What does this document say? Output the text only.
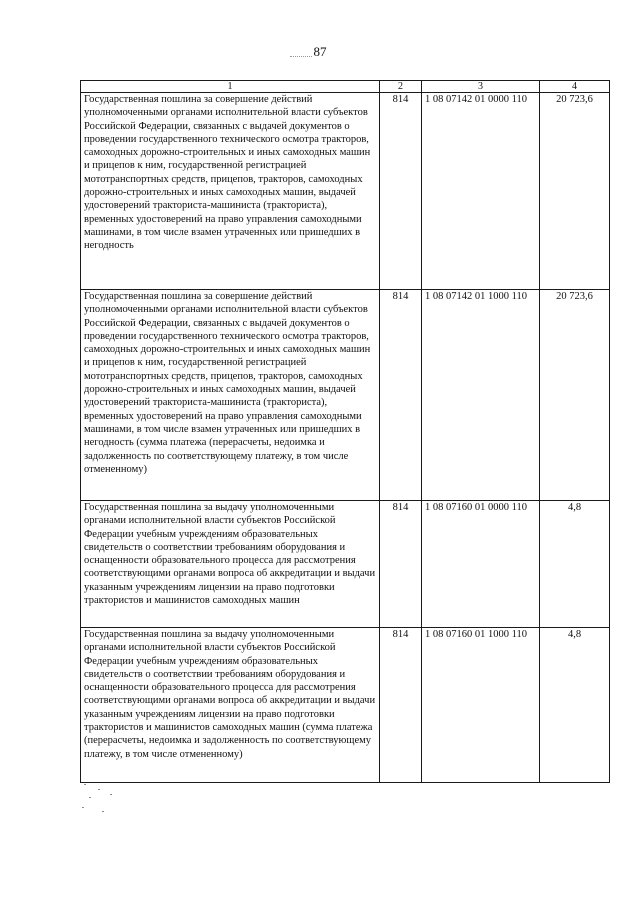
87
1	2	3	4
Государственная пошлина за совершение действий уполномоченными органами исполнительной власти субъектов Российской Федерации, связанных с выдачей документов о проведении государственного технического осмотра тракторов, самоходных дорожно-строительных и иных самоходных машин и прицепов к ним, государственной регистрацией мототранспортных средств, прицепов, тракторов, самоходных дорожно-строительных и иных самоходных машин, выдачей удостоверений тракториста-машиниста (тракториста), временных удостоверений на право управления самоходными машинами, в том числе взамен утраченных или пришедших в негодность	814	1 08 07142 01 0000 110	20 723,6
Государственная пошлина за совершение действий уполномоченными органами исполнительной власти субъектов Российской Федерации, связанных с выдачей документов о проведении государственного технического осмотра тракторов, самоходных дорожно-строительных и иных самоходных машин и прицепов к ним, государственной регистрацией мототранспортных средств, прицепов, тракторов, самоходных дорожно-строительных и иных самоходных машин, выдачей удостоверений тракториста-машиниста (тракториста), временных удостоверений на право управления самоходными машинами, в том числе взамен утраченных или пришедших в негодность (сумма платежа (перерасчеты, недоимка и задолженность по соответствующему платежу, в том числе отмененному)	814	1 08 07142 01 1000 110	20 723,6
Государственная пошлина за выдачу уполномоченными органами исполнительной власти субъектов Российской Федерации учебным учреждениям образовательных свидетельств о соответствии требованиям оборудования и оснащенности образовательного процесса для рассмотрения соответствующими органами вопроса об аккредитации и выдачи указанным учреждениям лицензии на право подготовки трактористов и машинистов самоходных машин	814	1 08 07160 01 0000 110	4,8
Государственная пошлина за выдачу уполномоченными органами исполнительной власти субъектов Российской Федерации учебным учреждениям образовательных свидетельств о соответствии требованиям оборудования и оснащенности образовательного процесса для рассмотрения соответствующими органами вопроса об аккредитации и выдачи указанным учреждениям лицензии на право подготовки трактористов и машинистов самоходных машин (сумма платежа (перерасчеты, недоимка и задолженность по соответствующему платежу, в том числе отмененному)	814	1 08 07160 01 1000 110	4,8
